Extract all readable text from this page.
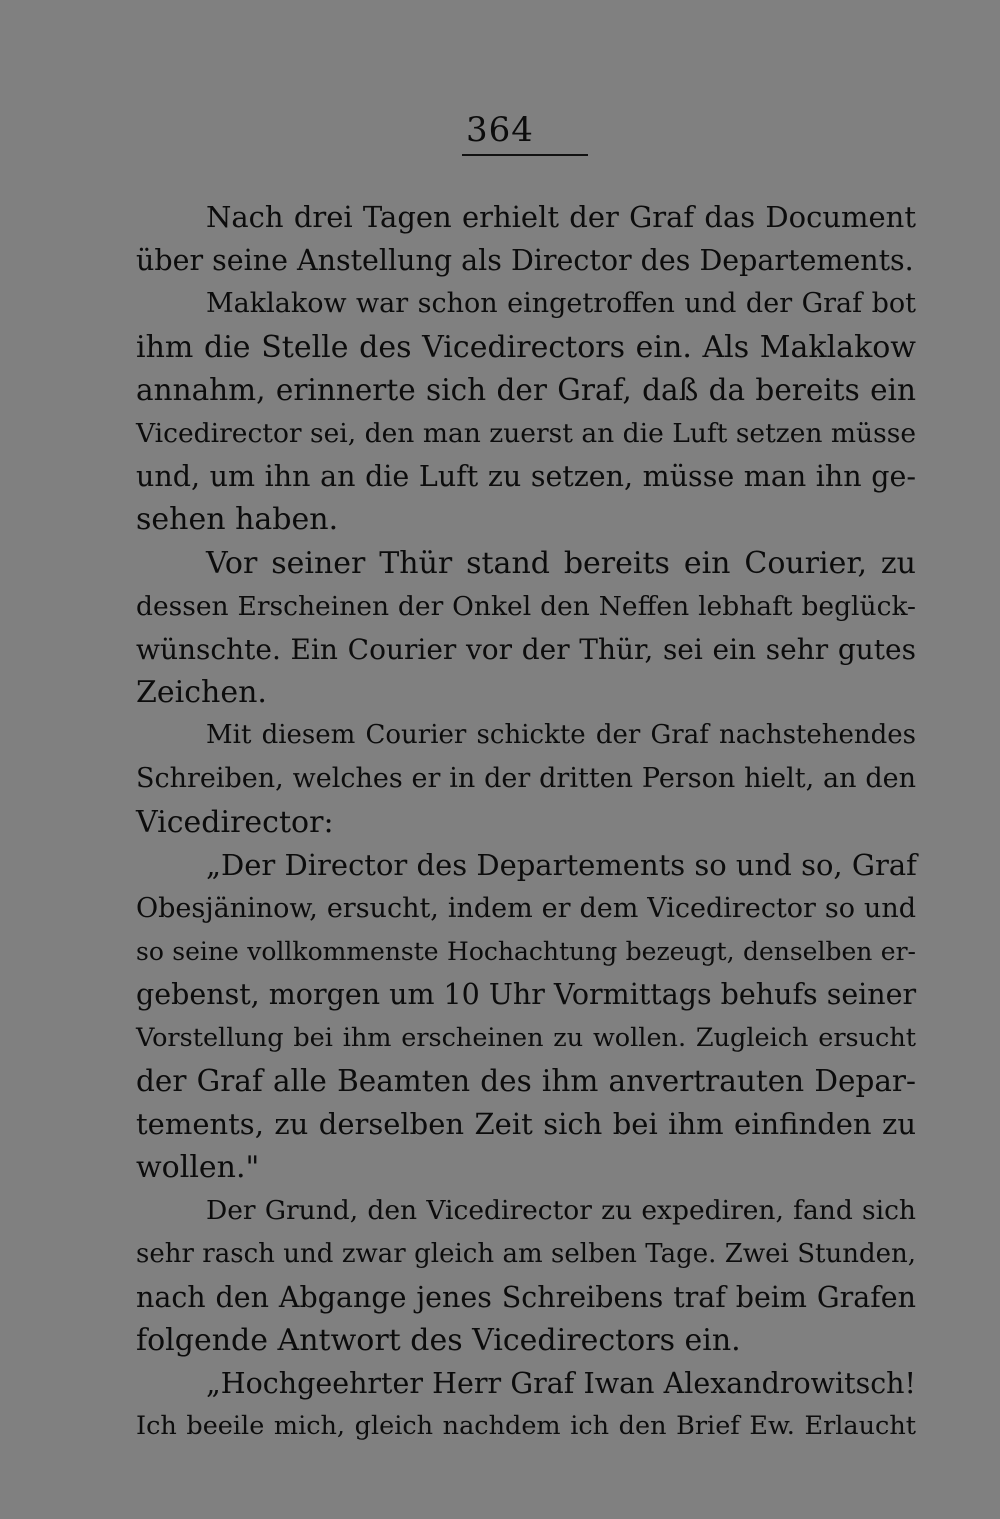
364
Nach drei Tagen erhielt der Graf das Document
über seine Anstellung als Director des Departements.
Maklakow war schon eingetroffen und der Graf bot
ihm die Stelle des Vicedirectors ein. Als Maklakow
annahm, erinnerte sich der Graf, daß da bereits ein
Vicedirector sei, den man zuerst an die Luft setzen müsse
und, um ihn an die Luft zu setzen, müsse man ihn ge-
sehen haben.
Vor seiner Thür stand bereits ein Courier, zu
dessen Erscheinen der Onkel den Neffen lebhaft beglück-
wünschte. Ein Courier vor der Thür, sei ein sehr gutes
Zeichen.
Mit diesem Courier schickte der Graf nachstehendes
Schreiben, welches er in der dritten Person hielt, an den
Vicedirector:
„Der Director des Departements so und so, Graf
Obesjäninow, ersucht, indem er dem Vicedirector so und
so seine vollkommenste Hochachtung bezeugt, denselben er-
gebenst, morgen um 10 Uhr Vormittags behufs seiner
Vorstellung bei ihm erscheinen zu wollen. Zugleich ersucht
der Graf alle Beamten des ihm anvertrauten Depar-
tements, zu derselben Zeit sich bei ihm einfinden zu
wollen."
Der Grund, den Vicedirector zu expediren, fand sich
sehr rasch und zwar gleich am selben Tage. Zwei Stunden,
nach den Abgange jenes Schreibens traf beim Grafen
folgende Antwort des Vicedirectors ein.
„Hochgeehrter Herr Graf Iwan Alexandrowitsch!
Ich beeile mich, gleich nachdem ich den Brief Ew. Erlaucht
